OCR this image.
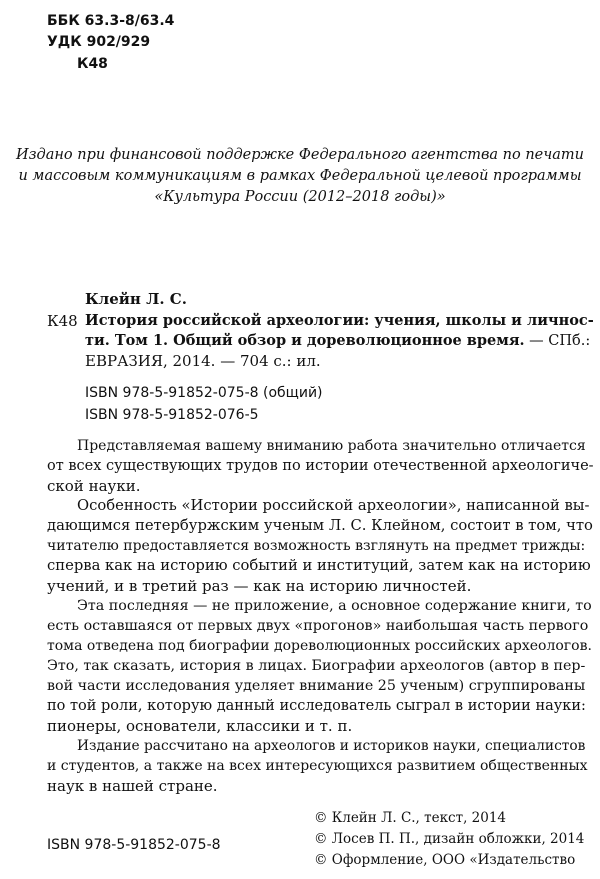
ББК 63.3-8/63.4
УДК 902/929
К48
Издано при финансовой поддержке Федерального агентства по печати
и массовым коммуникациям в рамках Федеральной целевой программы
«Культура России (2012–2018 годы)»
Клейн Л. С.
К48 История российской археологии: учения, школы и личнос-
ти. Том 1. Общий обзор и дореволюционное время. — СПб.:
ЕВРАЗИЯ, 2014. — 704 с.: ил.
ISBN 978-5-91852-075-8 (общий)
ISBN 978-5-91852-076-5
Представляемая вашему вниманию работа значительно отличается
от всех существующих трудов по истории отечественной археологиче-
ской науки.
Особенность «Истории российской археологии», написанной вы-
дающимся петербуржским ученым Л. С. Клейном, состоит в том, что
читателю предоставляется возможность взглянуть на предмет трижды:
сперва как на историю событий и институций, затем как на историю
учений, и в третий раз — как на историю личностей.
Эта последняя — не приложение, а основное содержание книги, то
есть оставшаяся от первых двух «прогонов» наибольшая часть первого
тома отведена под биографии дореволюционных российских археологов.
Это, так сказать, история в лицах. Биографии археологов (автор в пер-
вой части исследования уделяет внимание 25 ученым) сгруппированы
по той роли, которую данный исследователь сыграл в истории науки:
пионеры, основатели, классики и т. п.
Издание рассчитано на археологов и историков науки, специалистов
и студентов, а также на всех интересующихся развитием общественных
наук в нашей стране.
ISBN 978-5-91852-075-8
© Клейн Л. С., текст, 2014
© Лосев П. П., дизайн обложки, 2014
© Оформление, ООО «Издательство
